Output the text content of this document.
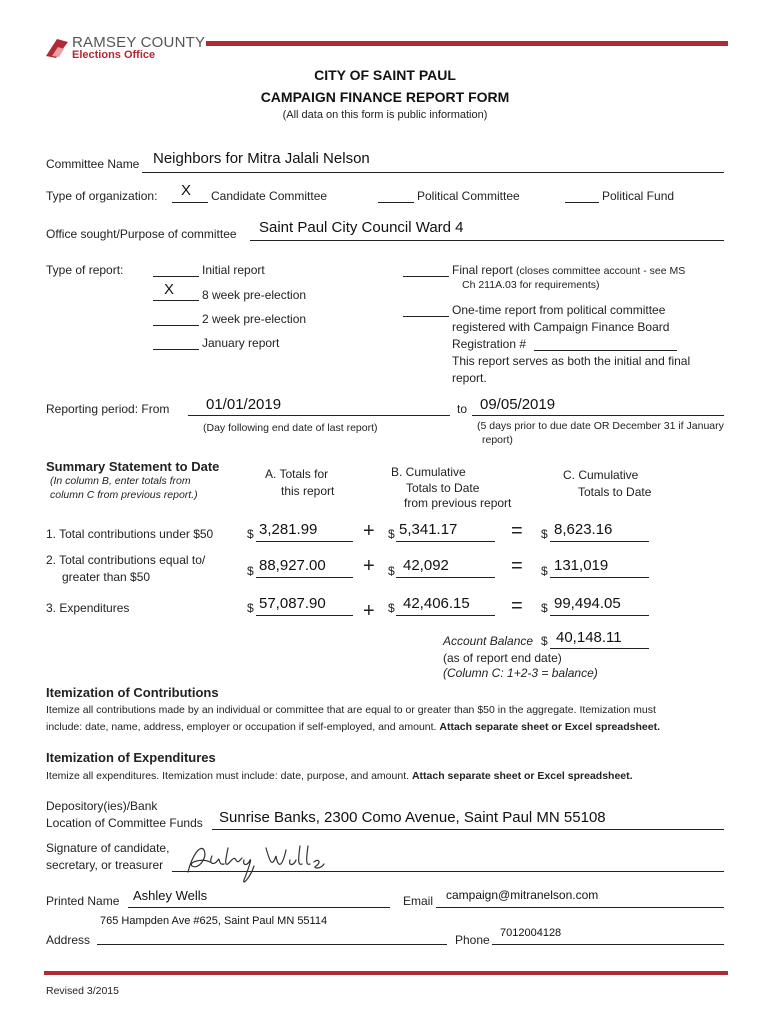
RAMSEY COUNTY
Elections Office
CITY OF SAINT PAUL
CAMPAIGN FINANCE REPORT FORM
(All data on this form is public information)
Committee Name Neighbors for Mitra Jalali Nelson
Type of organization: X Candidate Committee	Political Committee	Political Fund
Office sought/Purpose of committee Saint Paul City Council Ward 4
Type of report:	Initial report
X 8 week pre-election
2 week pre-election
January report
Final report (closes committee account - see MS
Ch 211A.03 for requirements)
One-time report from political committee
registered with Campaign Finance Board
Registration #
This report serves as both the initial and final
report.
Reporting period: From 01/01/2019	to 09/05/2019
(Day following end date of last report)	(5 days prior to due date OR December 31 if January
report)
Summary Statement to Date
(In column B, enter totals from
column C from previous report.)
A. Totals for
this report
B. Cumulative
Totals to Date
from previous report
C. Cumulative
Totals to Date
1. Total contributions under $50	$ 3,281.99 + $ 5,341.17	= $ 8,623.16
2. Total contributions equal to/
greater than $50	$ 88,927.00 + $ 42,092	= $ 131,019
3. Expenditures	$ 57,087.90 + $ 42,406.15 = $ 99,494.05
Account Balance $ 40,148.11
(as of report end date)
(Column C: 1+2-3 = balance)
Itemization of Contributions
Itemize all contributions made by an individual or committee that are equal to or greater than $50 in the aggregate. Itemization must
include: date, name, address, employer or occupation if self-employed, and amount. Attach separate sheet or Excel spreadsheet.
Itemization of Expenditures
Itemize all expenditures. Itemization must include: date, purpose, and amount. Attach separate sheet or Excel spreadsheet.
Depository(ies)/Bank
Location of Committee Funds Sunrise Banks, 2300 Como Avenue, Saint Paul MN 55108
Signature of candidate,
secretary, or treasurer
Printed Name Ashley Wells	Email campaign@mitranelson.com
765 Hampden Ave #625, Saint Paul MN 55114
Address	7012004128
Phone
Revised 3/2015
